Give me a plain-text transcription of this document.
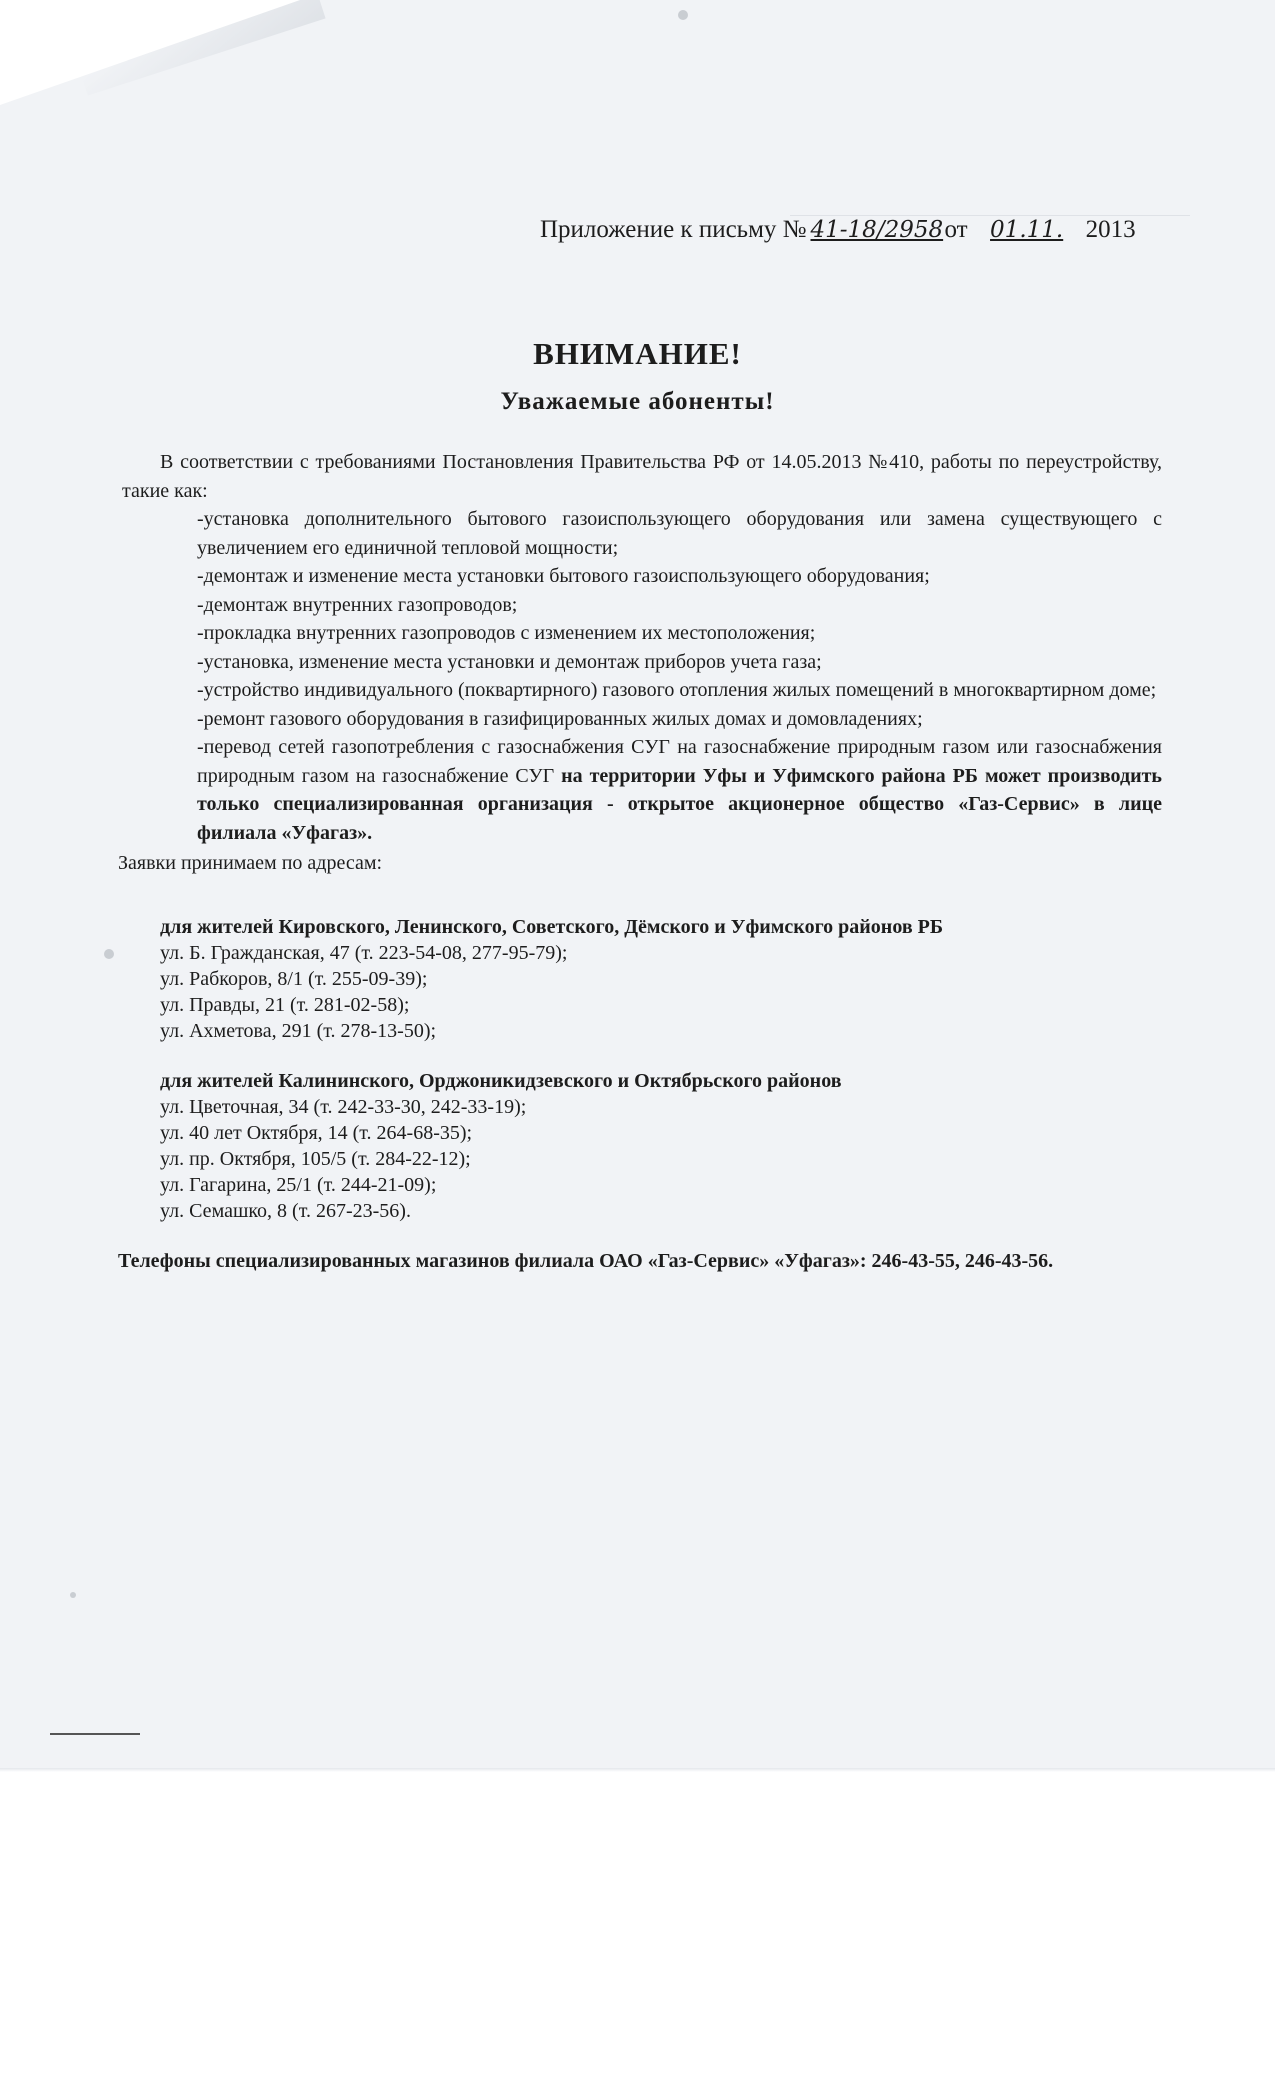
Приложение к письму № 41-18/2958от 01.11. 2013
ВНИМАНИЕ!
Уважаемые абоненты!

В соответствии с требованиями Постановления Правительства РФ от 14.05.2013 №410, работы по переустройству, такие как:

-установка дополнительного бытового газоиспользующего оборудования или замена существующего с увеличением его единичной тепловой мощности;
-демонтаж и изменение места установки бытового газоиспользующего оборудования;
-демонтаж внутренних газопроводов;
-прокладка внутренних газопроводов с изменением их местоположения;
-установка, изменение места установки и демонтаж приборов учета газа;
-устройство индивидуального (поквартирного) газового отопления жилых помещений в многоквартирном доме;
-ремонт газового оборудования в газифицированных жилых домах и домовладениях;
-перевод сетей газопотребления с газоснабжения СУГ на газоснабжение природным газом или газоснабжения природным газом на газоснабжение СУГ на территории Уфы и Уфимского района РБ может производить только специализированная организация - открытое акционерное общество «Газ-Сервис» в лице филиала «Уфагаз».
Заявки принимаем по адресам:
для жителей Кировского, Ленинского, Советского, Дёмского и Уфимского районов РБ
ул. Б. Гражданская, 47 (т. 223-54-08, 277-95-79);
ул. Рабкоров, 8/1 (т. 255-09-39);
ул. Правды, 21 (т. 281-02-58);
ул. Ахметова, 291 (т. 278-13-50);
для жителей Калининского, Орджоникидзевского и Октябрьского районов
ул. Цветочная, 34 (т. 242-33-30, 242-33-19);
ул. 40 лет Октября, 14 (т. 264-68-35);
ул. пр. Октября, 105/5 (т. 284-22-12);
ул. Гагарина, 25/1 (т. 244-21-09);
ул. Семашко, 8 (т. 267-23-56).
Телефоны специализированных магазинов филиала ОАО «Газ-Сервис» «Уфагаз»: 246-43-55, 246-43-56.
